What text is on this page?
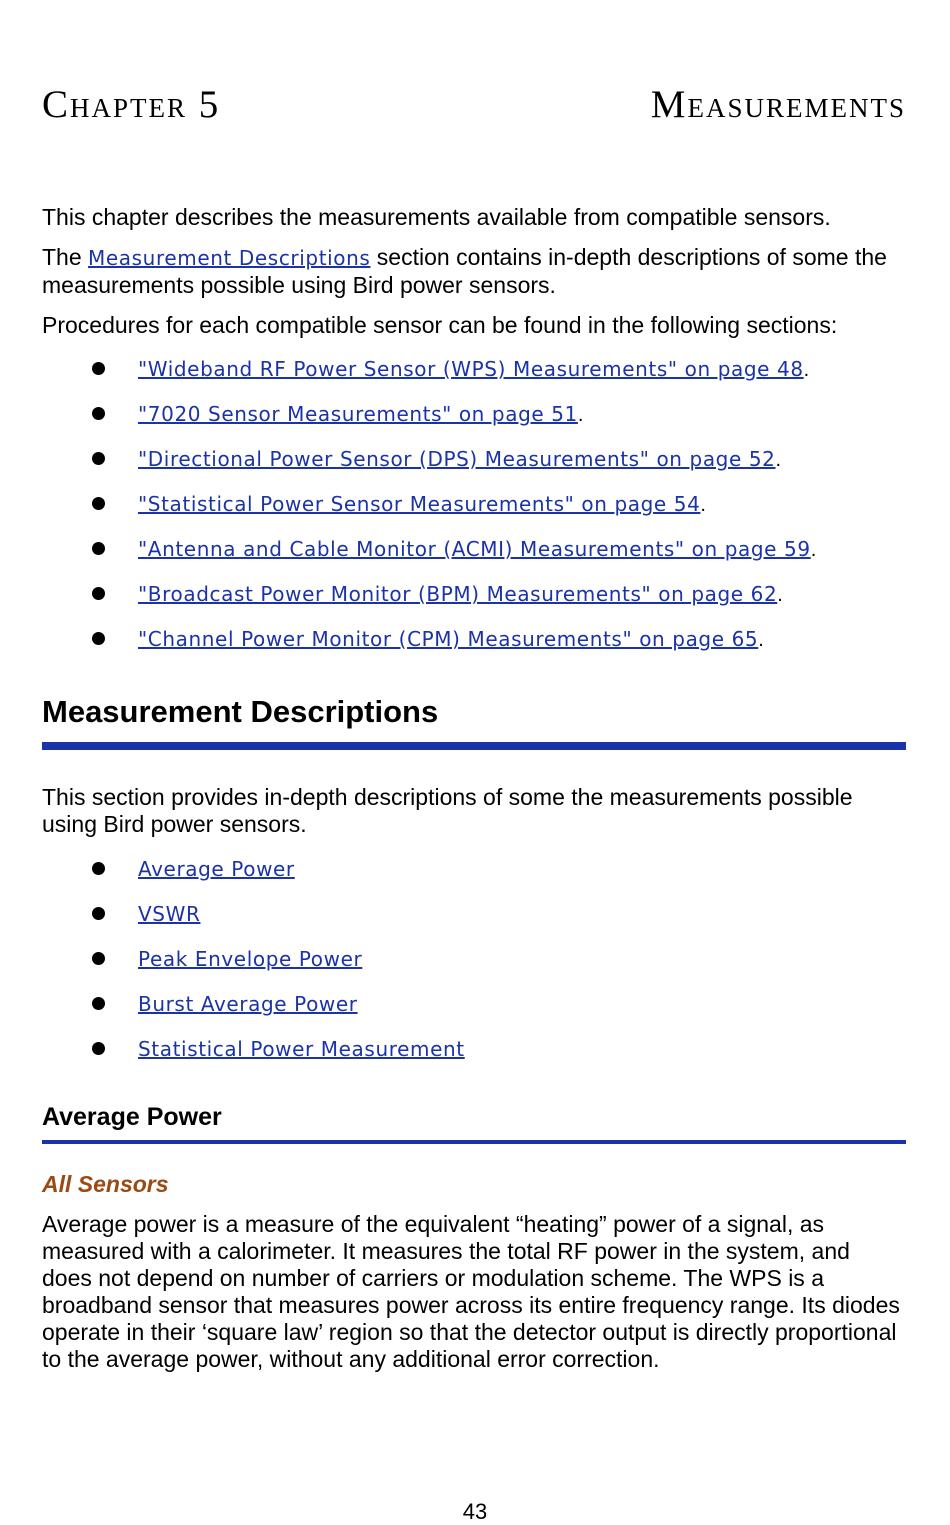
Chapter 5	Measurements

This chapter describes the measurements available from compatible sensors.

The Measurement Descriptions section contains in-depth descriptions of some the measurements possible using Bird power sensors.

Procedures for each compatible sensor can be found in the following sections:

"Wideband RF Power Sensor (WPS) Measurements" on page 48.
"7020 Sensor Measurements" on page 51.
"Directional Power Sensor (DPS) Measurements" on page 52.
"Statistical Power Sensor Measurements" on page 54.
"Antenna and Cable Monitor (ACMI) Measurements" on page 59.
"Broadcast Power Monitor (BPM) Measurements" on page 62.
"Channel Power Monitor (CPM) Measurements" on page 65.
Measurement Descriptions

This section provides in-depth descriptions of some the measurements possible using Bird power sensors.

Average Power
VSWR
Peak Envelope Power
Burst Average Power
Statistical Power Measurement
Average Power
All Sensors

Average power is a measure of the equivalent “heating” power of a signal, as measured with a calorimeter. It measures the total RF power in the system, and does not depend on number of carriers or modulation scheme. The WPS is a broadband sensor that measures power across its entire frequency range. Its diodes operate in their ‘square law’ region so that the detector output is directly proportional to the average power, without any additional error correction.

43
